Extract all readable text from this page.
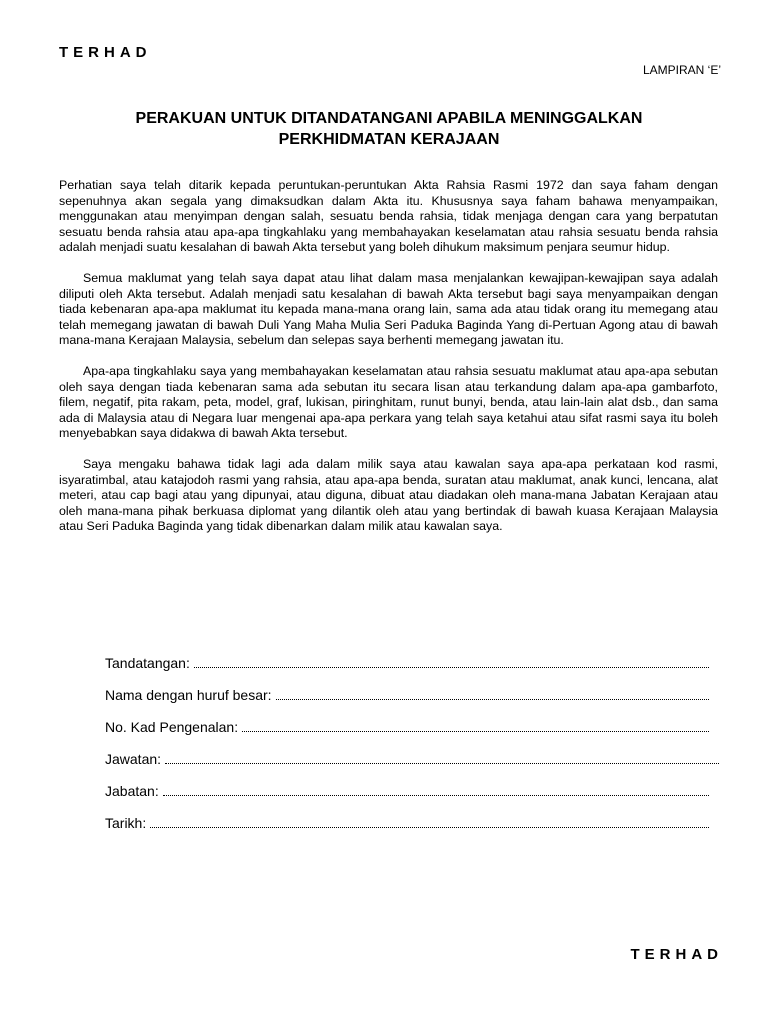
TERHAD
LAMPIRAN ‘E’
PERAKUAN UNTUK DITANDATANGANI APABILA MENINGGALKAN
PERKHIDMATAN KERAJAAN

Perhatian saya telah ditarik kepada peruntukan-peruntukan Akta Rahsia Rasmi 1972 dan saya faham dengan sepenuhnya akan segala yang dimaksudkan dalam Akta itu. Khususnya saya faham bahawa menyampaikan, menggunakan atau menyimpan dengan salah, sesuatu benda rahsia, tidak menjaga dengan cara yang berpatutan sesuatu benda rahsia atau apa-apa tingkahlaku yang membahayakan keselamatan atau rahsia sesuatu benda rahsia adalah menjadi suatu kesalahan di bawah Akta tersebut yang boleh dihukum maksimum penjara seumur hidup.

Semua maklumat yang telah saya dapat atau lihat dalam masa menjalankan kewajipan-kewajipan saya adalah diliputi oleh Akta tersebut. Adalah menjadi satu kesalahan di bawah Akta tersebut bagi saya menyampaikan dengan tiada kebenaran apa-apa maklumat itu kepada mana-mana orang lain, sama ada atau tidak orang itu memegang atau telah memegang jawatan di bawah Duli Yang Maha Mulia Seri Paduka Baginda Yang di-Pertuan Agong atau di bawah mana-mana Kerajaan Malaysia, sebelum dan selepas saya berhenti memegang jawatan itu.

Apa-apa tingkahlaku saya yang membahayakan keselamatan atau rahsia sesuatu maklumat atau apa-apa sebutan oleh saya dengan tiada kebenaran sama ada sebutan itu secara lisan atau terkandung dalam apa-apa gambarfoto, filem, negatif, pita rakam, peta, model, graf, lukisan, piringhitam, runut bunyi, benda, atau lain-lain alat dsb., dan sama ada di Malaysia atau di Negara luar mengenai apa-apa perkara yang telah saya ketahui atau sifat rasmi saya itu boleh menyebabkan saya didakwa di bawah Akta tersebut.

Saya mengaku bahawa tidak lagi ada dalam milik saya atau kawalan saya apa-apa perkataan kod rasmi, isyaratimbal, atau katajodoh rasmi yang rahsia, atau apa-apa benda, suratan atau maklumat, anak kunci, lencana, alat meteri, atau cap bagi atau yang dipunyai, atau diguna, dibuat atau diadakan oleh mana-mana Jabatan Kerajaan atau oleh mana-mana pihak berkuasa diplomat yang dilantik oleh atau yang bertindak di bawah kuasa Kerajaan Malaysia atau Seri Paduka Baginda yang tidak dibenarkan dalam milik atau kawalan saya.

Tandatangan:
Nama dengan huruf besar:
No. Kad Pengenalan:
Jawatan:
Jabatan:
Tarikh:
TERHAD
